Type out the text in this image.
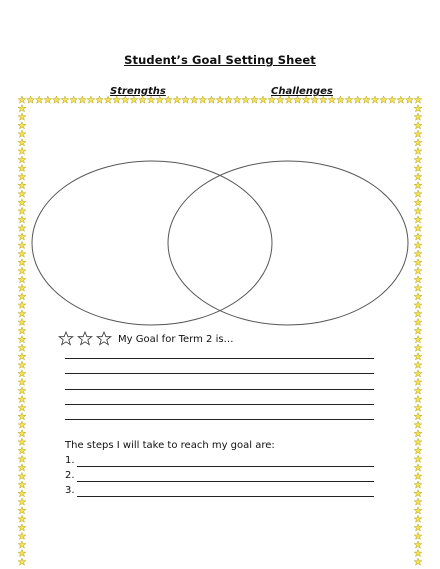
Student’s Goal Setting Sheet
Strengths	Challenges
My Goal for Term 2 is…
The steps I will take to reach my goal are:
1.
2.
3.
